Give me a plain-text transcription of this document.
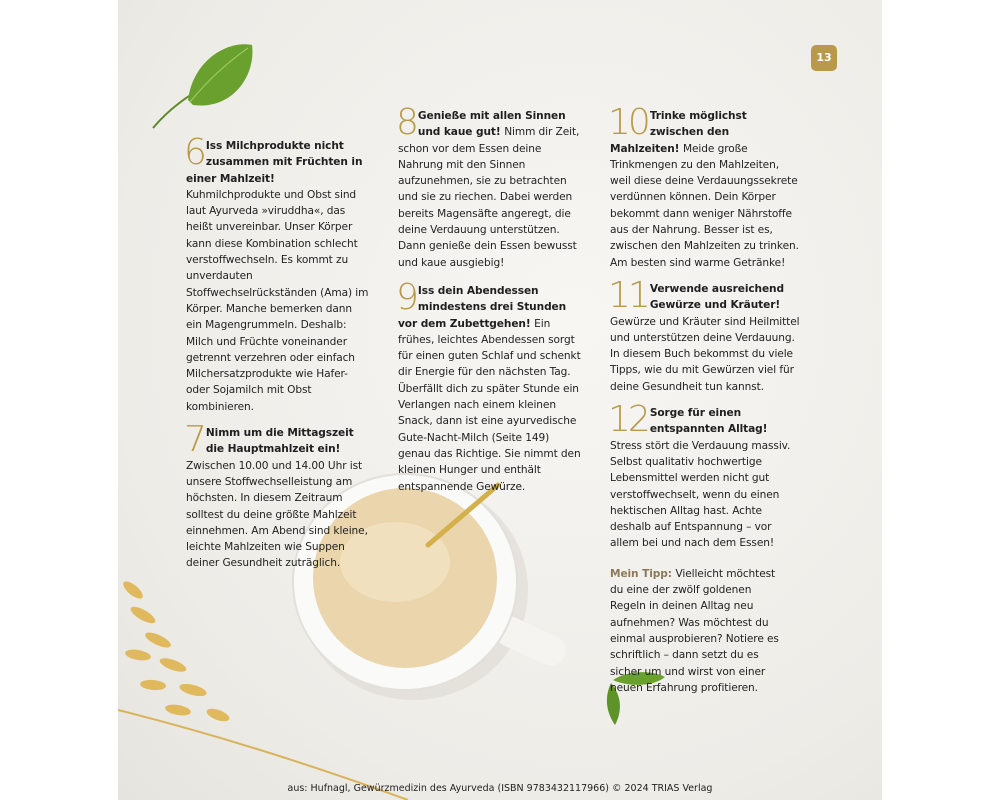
13
6 Iss Milchprodukte nicht zusammen mit Früchten in einer Mahlzeit! Kuhmilchprodukte und Obst sind laut Ayurveda »viruddha«, das heißt unvereinbar. Unser Körper kann diese Kombination schlecht verstoffwechseln. Es kommt zu unverdauten Stoffwechselrückständen (Ama) im Körper. Manche bemerken dann ein Magengrummeln. Deshalb: Milch und Früchte voneinander getrennt verzehren oder einfach Milchersatzprodukte wie Hafer- oder Sojamilch mit Obst kombinieren.
7 Nimm um die Mittagszeit die Hauptmahlzeit ein! Zwischen 10.00 und 14.00 Uhr ist unsere Stoffwechselleistung am höchsten. In diesem Zeitraum solltest du deine größte Mahlzeit einnehmen. Am Abend sind kleine, leichte Mahlzeiten wie Suppen deiner Gesundheit zuträglich.
8 Genieße mit allen Sinnen und kaue gut! Nimm dir Zeit, schon vor dem Essen deine Nahrung mit den Sinnen aufzunehmen, sie zu betrachten und sie zu riechen. Dabei werden bereits Magensäfte angeregt, die deine Verdauung unterstützen. Dann genieße dein Essen bewusst und kaue ausgiebig!
9 Iss dein Abendessen mindestens drei Stunden vor dem Zubettgehen! Ein frühes, leichtes Abendessen sorgt für einen guten Schlaf und schenkt dir Energie für den nächsten Tag. Überfällt dich zu später Stunde ein Verlangen nach einem kleinen Snack, dann ist eine ayurvedische Gute-Nacht-Milch (Seite 149) genau das Richtige. Sie nimmt den kleinen Hunger und enthält entspannende Gewürze.
10 Trinke möglichst zwischen den Mahlzeiten! Meide große Trinkmengen zu den Mahlzeiten, weil diese deine Verdauungssekrete verdünnen können. Dein Körper bekommt dann weniger Nährstoffe aus der Nahrung. Besser ist es, zwischen den Mahlzeiten zu trinken. Am besten sind warme Getränke!
11 Verwende ausreichend Gewürze und Kräuter! Gewürze und Kräuter sind Heilmittel und unterstützen deine Verdauung. In diesem Buch bekommst du viele Tipps, wie du mit Gewürzen viel für deine Gesundheit tun kannst.
12 Sorge für einen entspannten Alltag! Stress stört die Verdauung massiv. Selbst qualitativ hochwertige Lebensmittel werden nicht gut verstoffwechselt, wenn du einen hektischen Alltag hast. Achte deshalb auf Entspannung – vor allem bei und nach dem Essen!
Mein Tipp: Vielleicht möchtest du eine der zwölf goldenen Regeln in deinen Alltag neu aufnehmen? Was möchtest du einmal ausprobieren? Notiere es schriftlich – dann setzt du es sicher um und wirst von einer neuen Erfahrung profitieren.
aus: Hufnagl, Gewürzmedizin des Ayurveda (ISBN 9783432117966) © 2024 TRIAS Verlag
